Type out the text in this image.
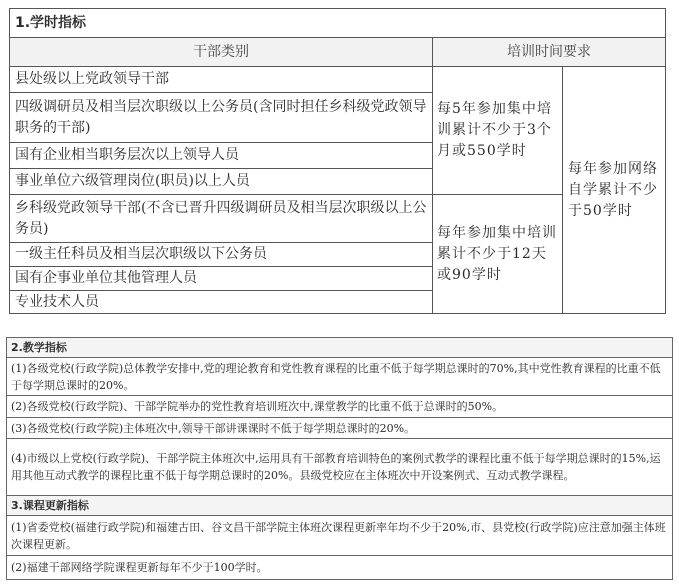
1.学时指标
干部类别	培训时间要求
县处级以上党政领导干部
四级调研员及相当层次职级以上公务员(含同时担任乡科级党政领导职务的干部)
国有企业相当职务层次以上领导人员
事业单位六级管理岗位(职员)以上人员
乡科级党政领导干部(不含已晋升四级调研员及相当层次职级以上公务员)
一级主任科员及相当层次职级以下公务员
国有企事业单位其他管理人员
专业技术人员
每5年参加集中培训累计不少于3个月或550学时
每年参加集中培训累计不少于12天或90学时
每年参加网络自学累计不少于50学时
2.教学指标
(1)各级党校(行政学院)总体教学安排中,党的理论教育和党性教育课程的比重不低于每学期总课时的70%,其中党性教育课程的比重不低于每学期总课时的20%。
(2)各级党校(行政学院)、干部学院举办的党性教育培训班次中,课堂教学的比重不低于总课时的50%。
(3)各级党校(行政学院)主体班次中,领导干部讲课课时不低于每学期总课时的20%。
(4)市级以上党校(行政学院)、干部学院主体班次中,运用具有干部教育培训特色的案例式教学的课程比重不低于每学期总课时的15%,运用其他互动式教学的课程比重不低于每学期总课时的20%。县级党校应在主体班次中开设案例式、互动式教学课程。
3.课程更新指标
(1)省委党校(福建行政学院)和福建古田、谷文昌干部学院主体班次课程更新率年均不少于20%,市、县党校(行政学院)应注意加强主体班次课程更新。
(2)福建干部网络学院课程更新每年不少于100学时。
